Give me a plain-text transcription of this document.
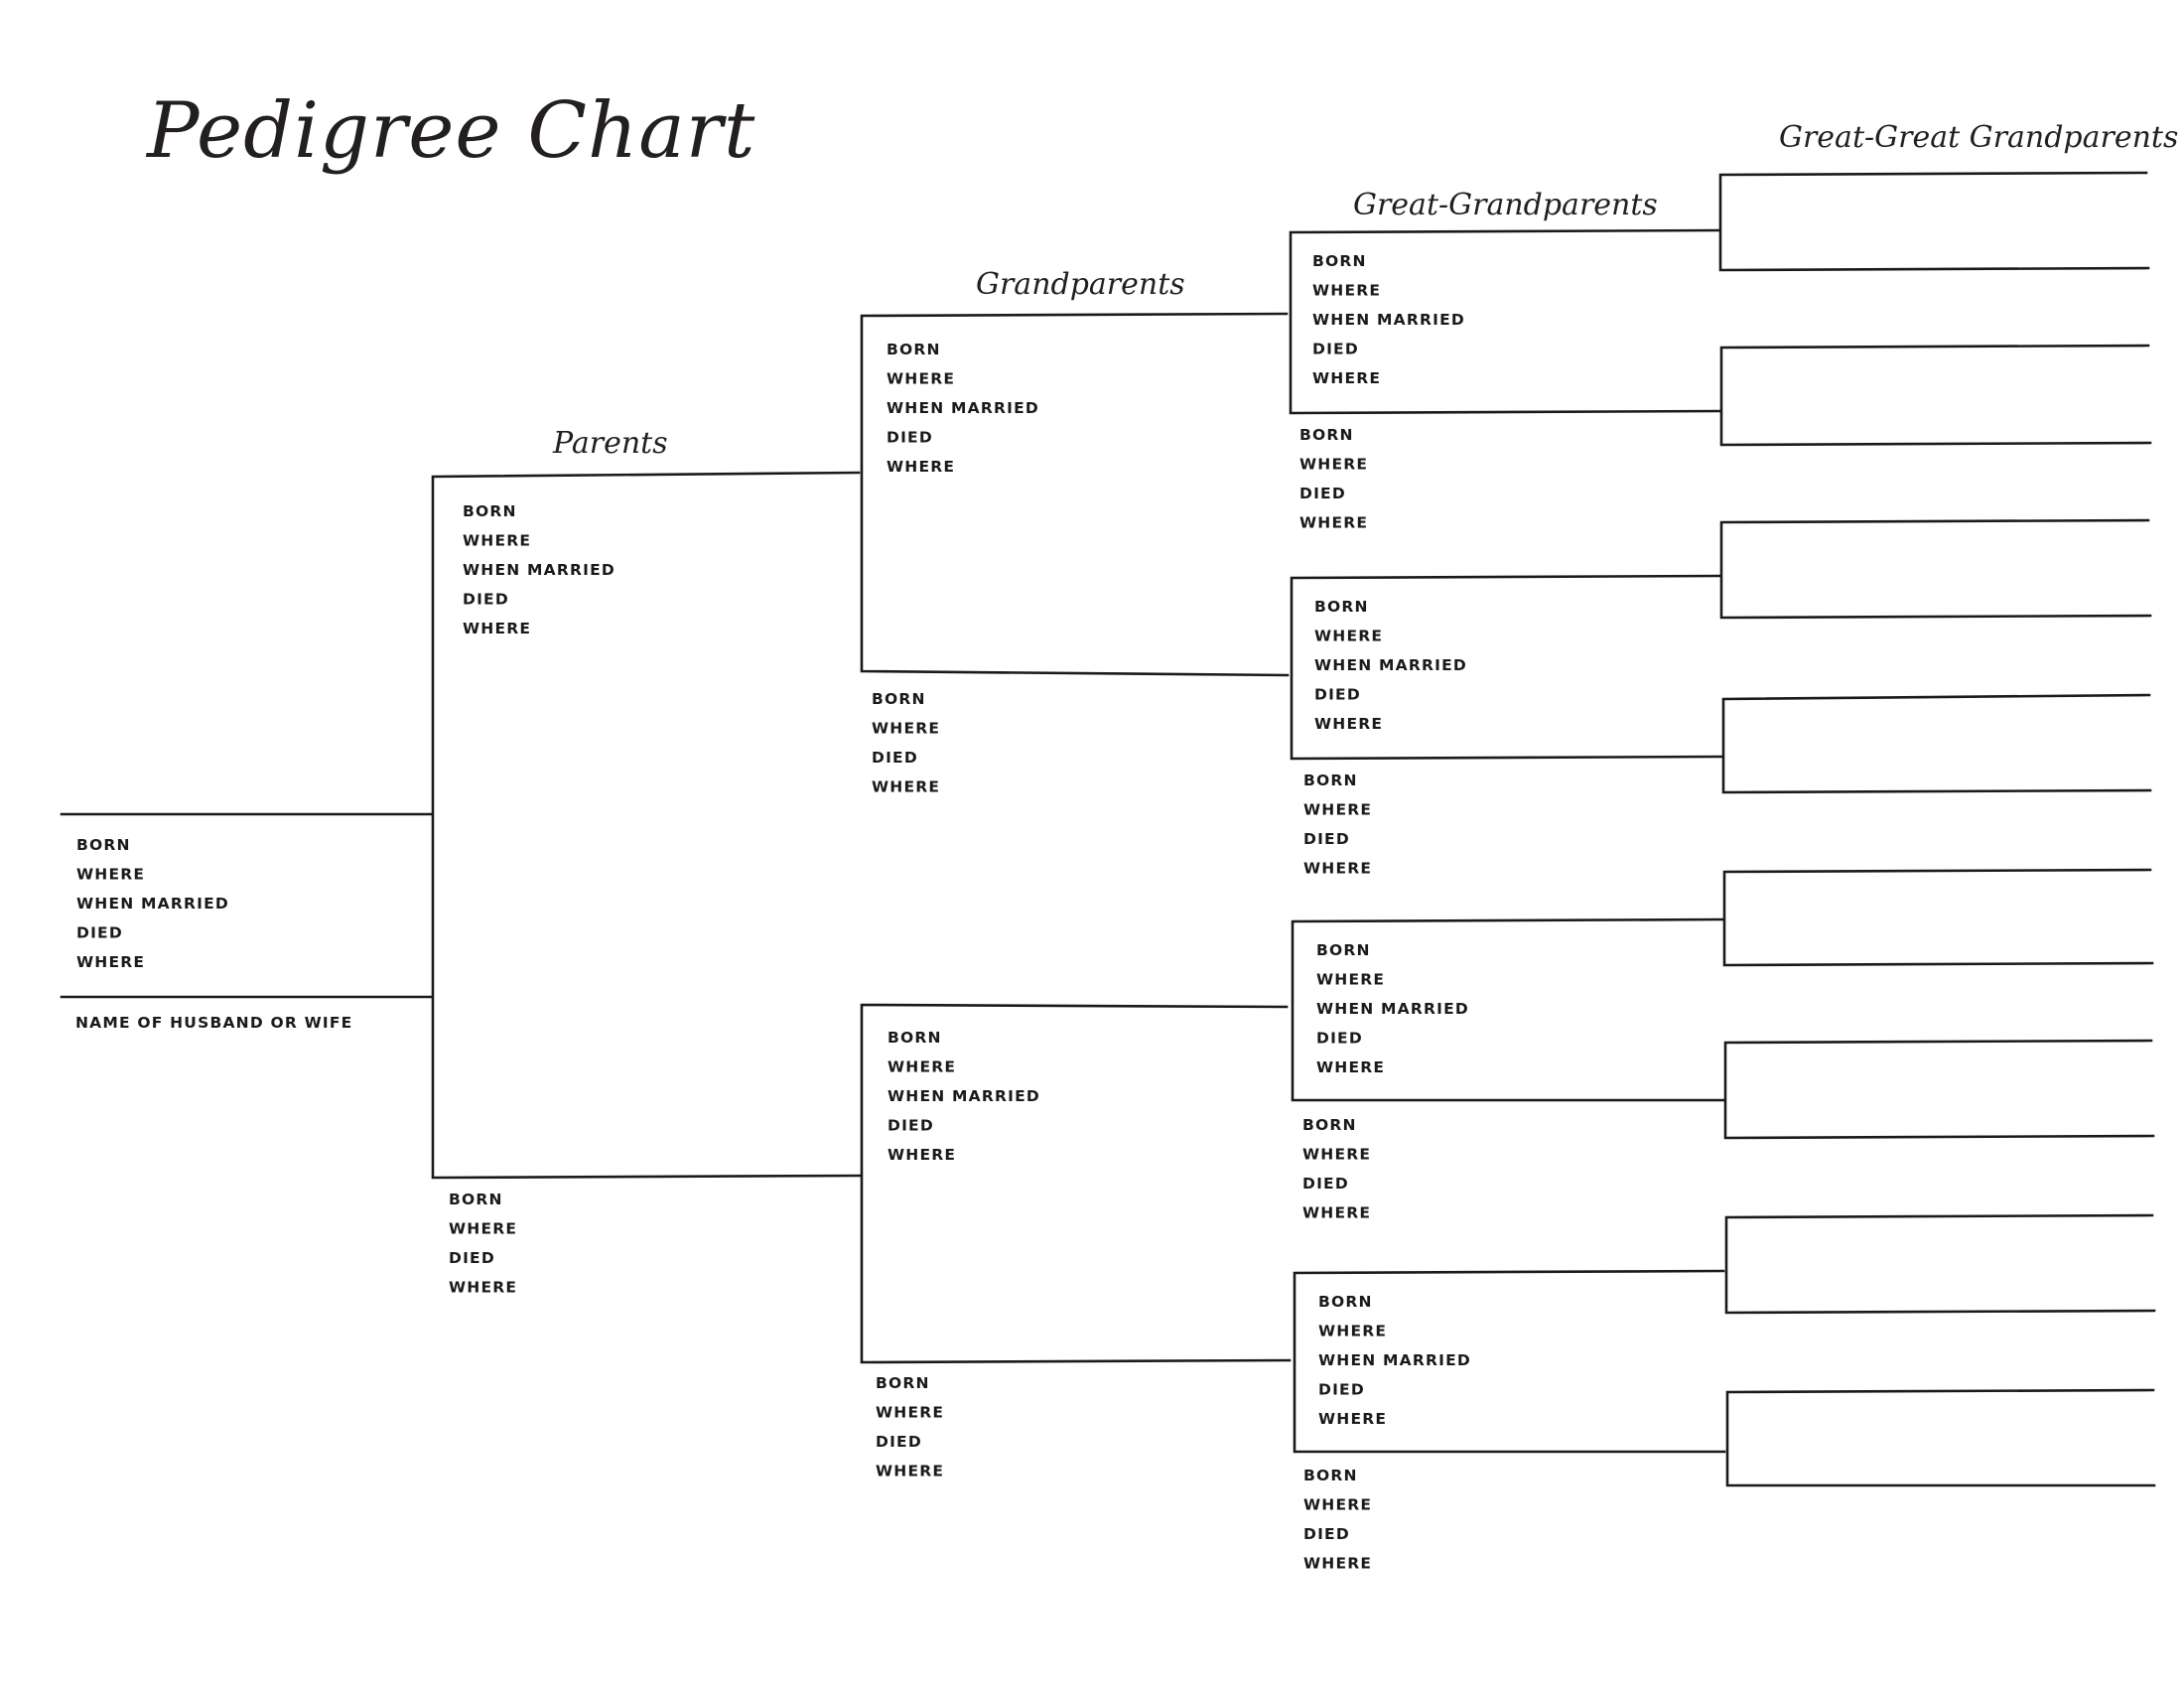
Pedigree Chart
Parents
Grandparents
Great-Grandparents
Great-Great Grandparents
BORN
WHERE
WHEN MARRIED
DIED
WHERE
BORN
WHERE
WHEN MARRIED
DIED
WHERE
BORN
WHERE
DIED
WHERE
BORN
WHERE
WHEN MARRIED
DIED
WHERE
BORN
WHERE
DIED
WHERE
BORN
WHERE
WHEN MARRIED
DIED
WHERE
BORN
WHERE
DIED
WHERE
BORN
WHERE
WHEN MARRIED
DIED
WHERE
BORN
WHERE
DIED
WHERE
BORN
WHERE
WHEN MARRIED
DIED
WHERE
BORN
WHERE
DIED
WHERE
BORN
WHERE
WHEN MARRIED
DIED
WHERE
BORN
WHERE
DIED
WHERE
BORN
WHERE
WHEN MARRIED
DIED
WHERE
BORN
WHERE
DIED
WHERE
NAME OF HUSBAND OR WIFE
